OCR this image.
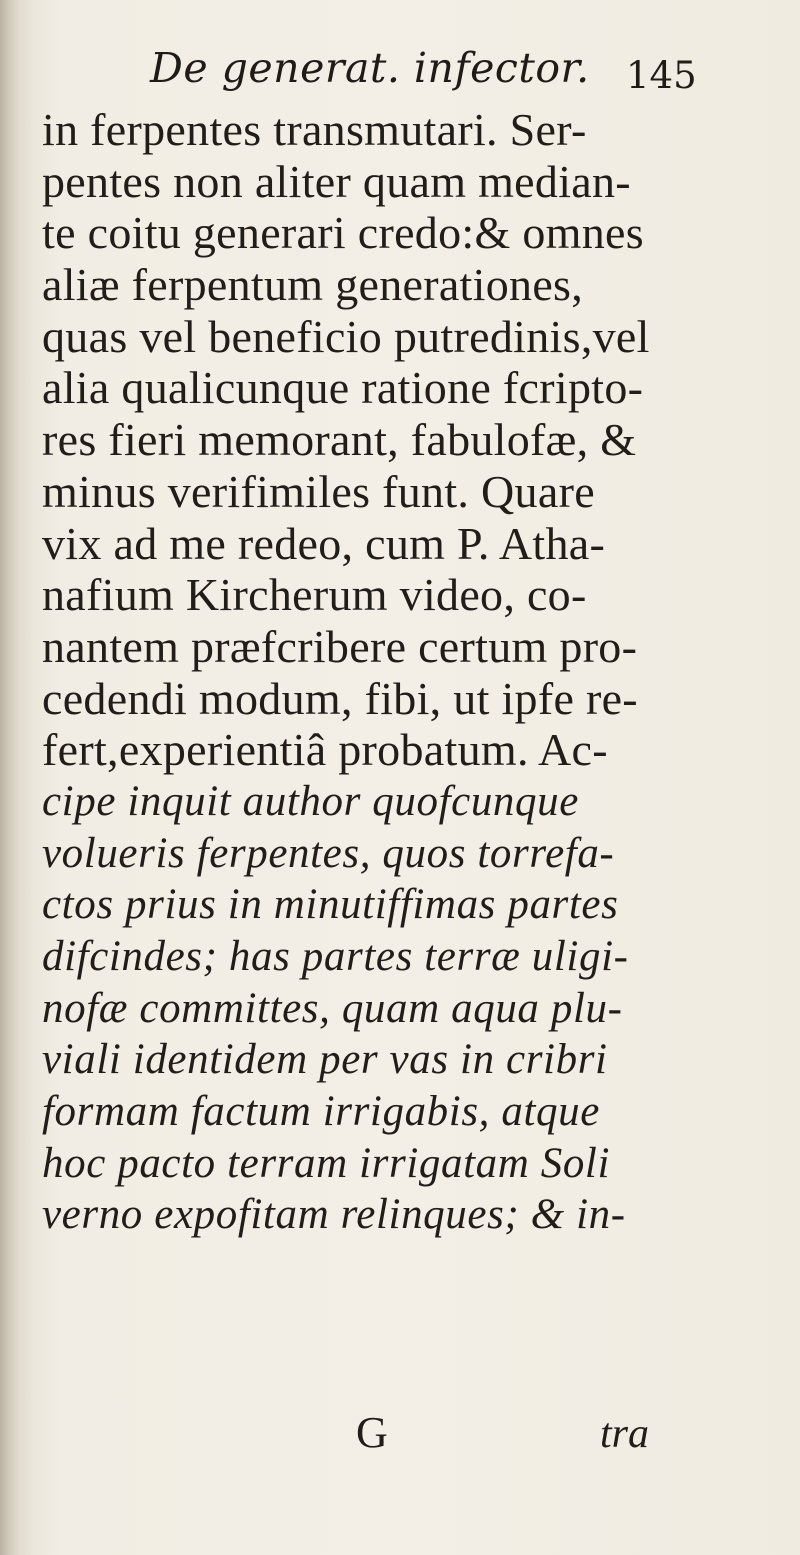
De generat. infector. 145
in ferpentes transmutari. Ser-
pentes non aliter quam median-
te coitu generari credo:& omnes
aliæ ferpentum generationes,
quas vel beneficio putredinis,vel
alia qualicunque ratione fcripto-
res fieri memorant, fabulofæ, &
minus verifimiles funt. Quare
vix ad me redeo, cum P. Atha-
nafium Kircherum video, co-
nantem præfcribere certum pro-
cedendi modum, fibi, ut ipfe re-
fert,experientiâ probatum. Ac-
cipe inquit author quofcunque
volueris ferpentes, quos torrefa-
ctos prius in minutiffimas partes
difcindes; has partes terræ uligi-
nofæ committes, quam aqua plu-
viali identidem per vas in cribri
formam factum irrigabis, atque
hoc pacto terram irrigatam Soli
verno expofitam relinques; & in-
G	tra
